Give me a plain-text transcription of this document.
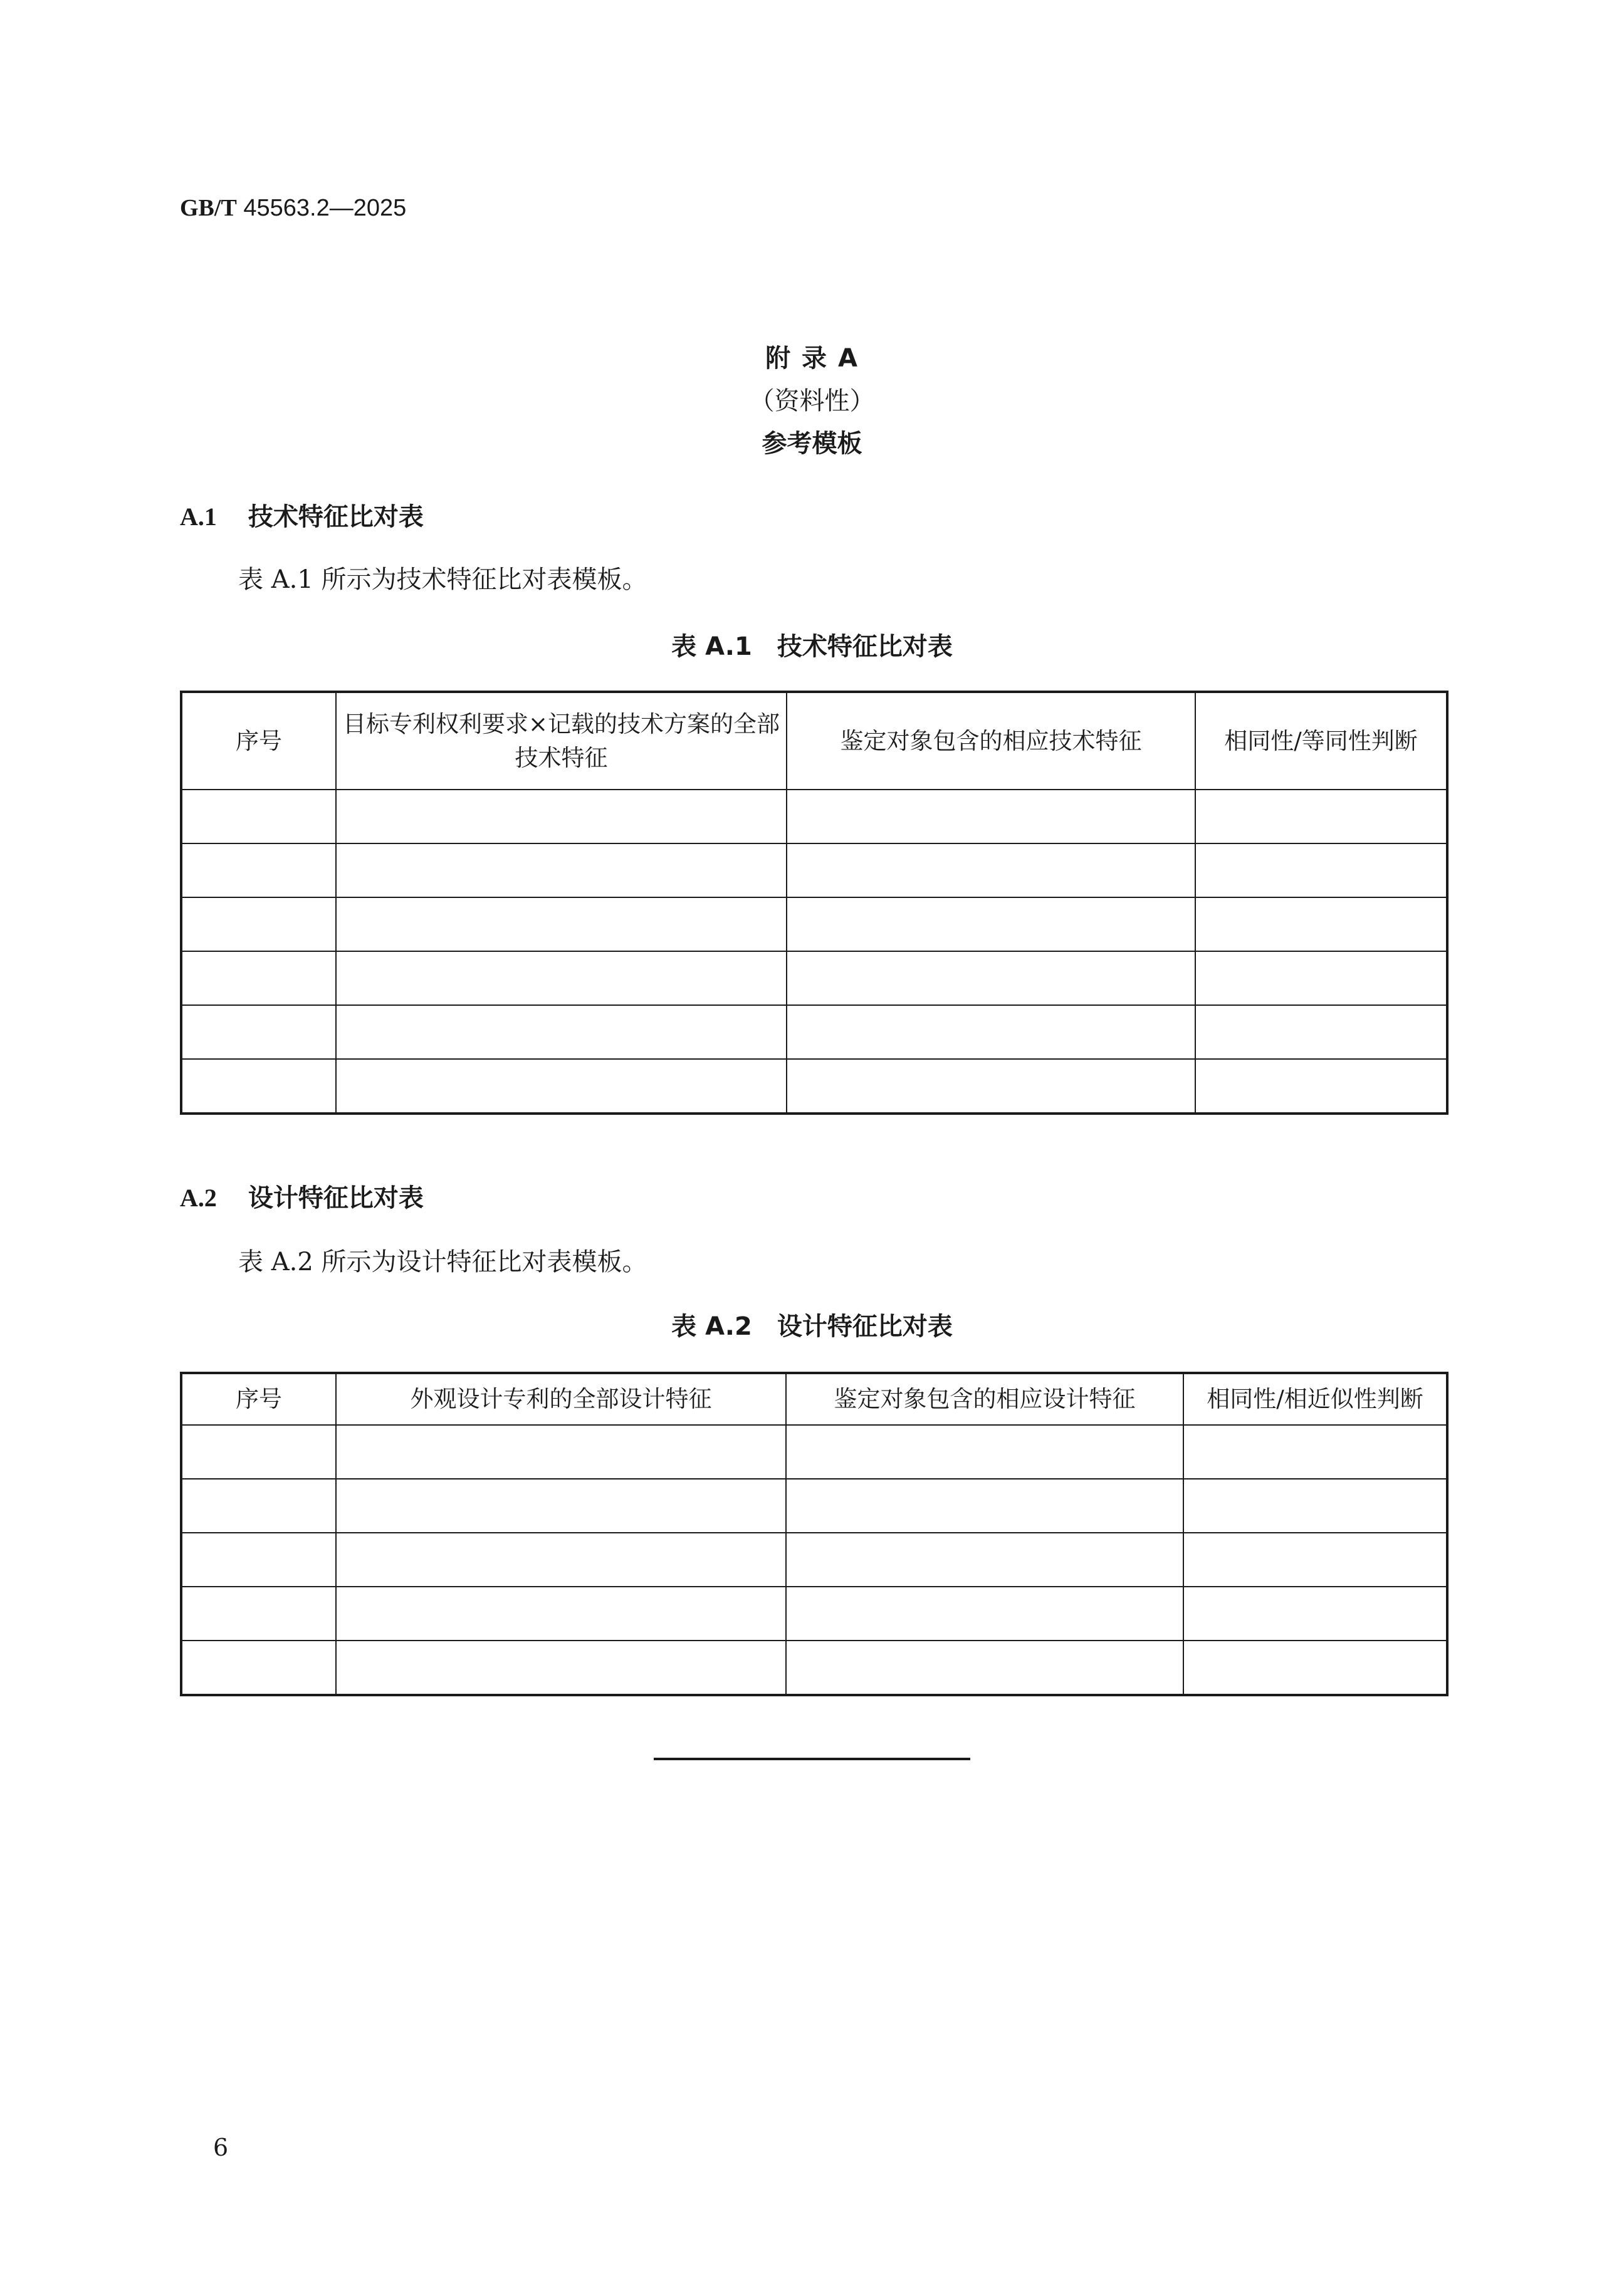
GB/T 45563.2—2025
附 录 A
（资料性）
参考模板
A.1 技术特征比对表
表 A.1 所示为技术特征比对表模板。
表 A.1　技术特征比对表
序号	目标专利权利要求×记载的技术方案的全部技术特征	鉴定对象包含的相应技术特征	相同性/等同性判断

A.2 设计特征比对表
表 A.2 所示为设计特征比对表模板。
表 A.2　设计特征比对表
序号	外观设计专利的全部设计特征	鉴定对象包含的相应设计特征	相同性/相近似性判断

6
